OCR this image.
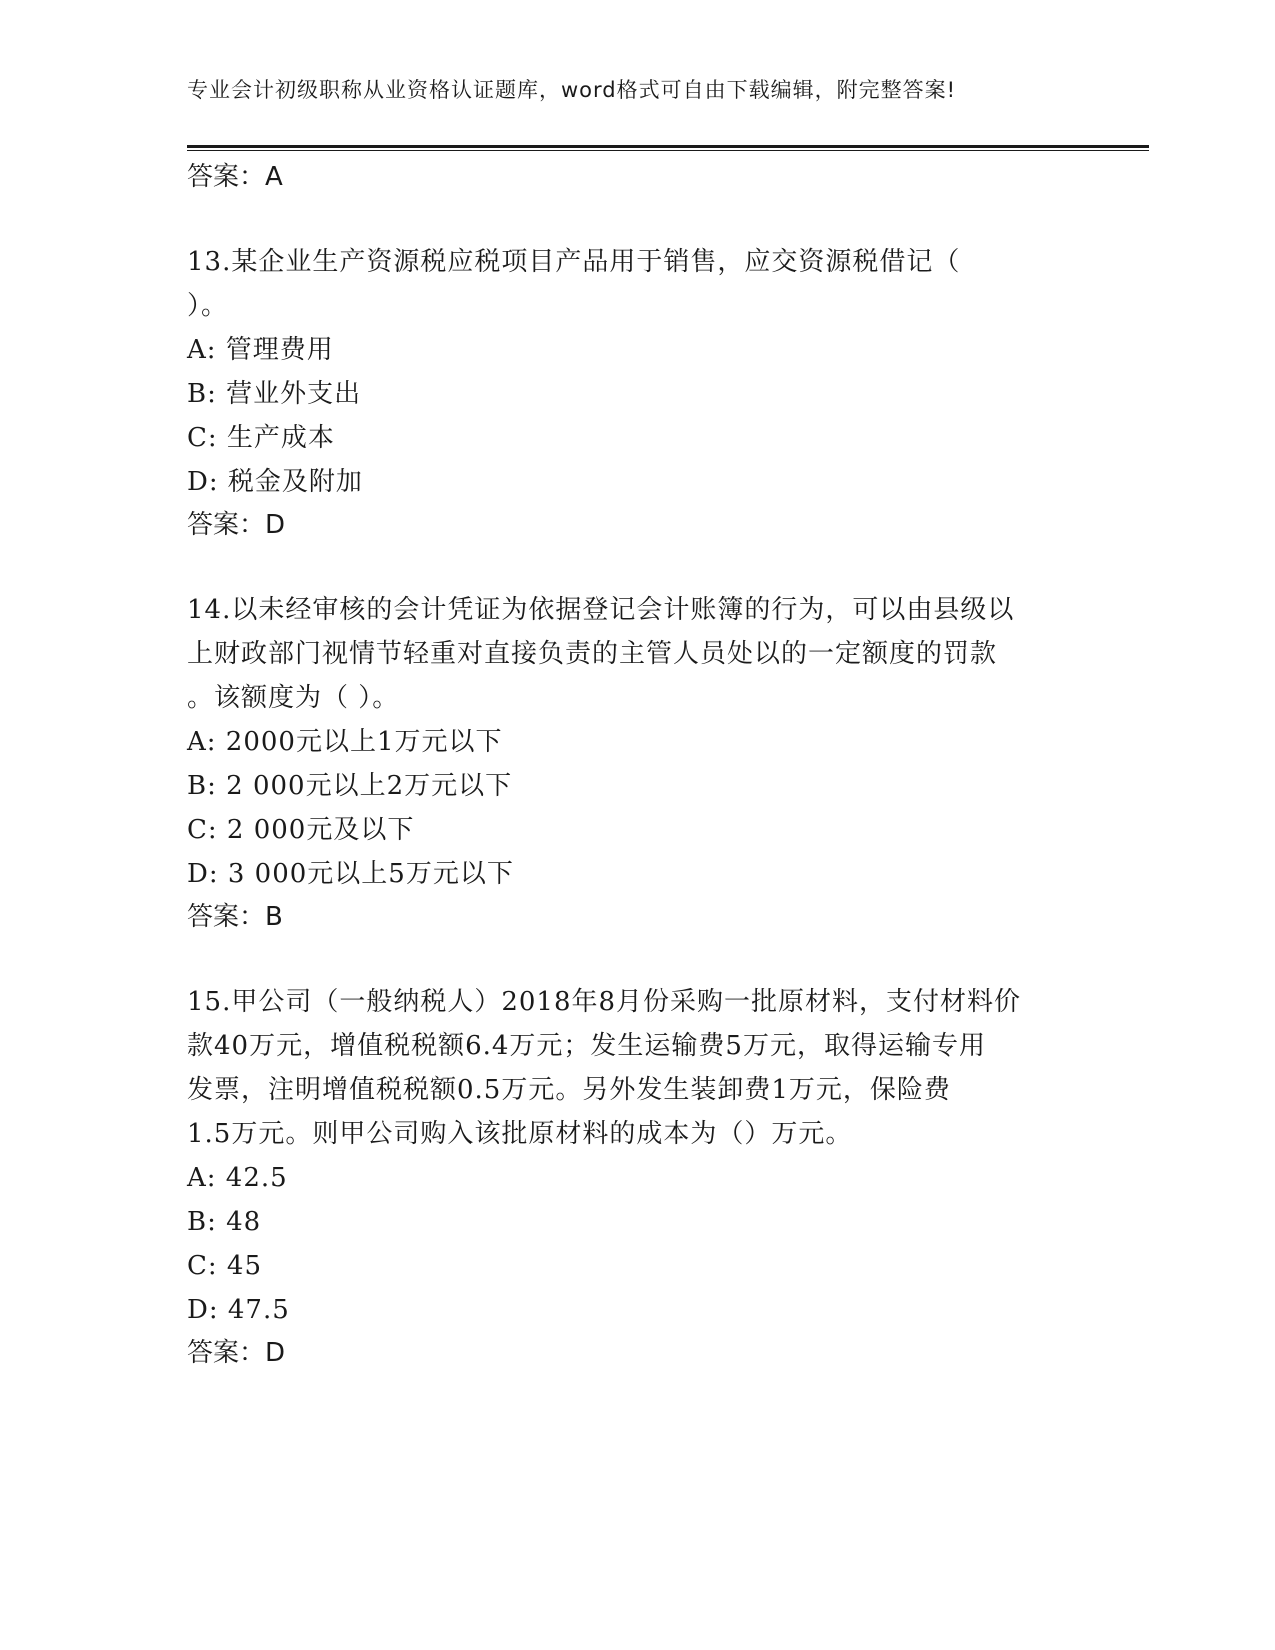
专业会计初级职称从业资格认证题库，word格式可自由下载编辑，附完整答案!
答案：A
13.某企业生产资源税应税项目产品用于销售，应交资源税借记（
）。
A: 管理费用
B: 营业外支出
C: 生产成本
D: 税金及附加
答案：D
14.以未经审核的会计凭证为依据登记会计账簿的行为，可以由县级以
上财政部门视情节轻重对直接负责的主管人员处以的一定额度的罚款
。该额度为（ ）。
A: 2000元以上1万元以下
B: 2 000元以上2万元以下
C: 2 000元及以下
D: 3 000元以上5万元以下
答案：B
15.甲公司（一般纳税人）2018年8月份采购一批原材料，支付材料价
款40万元，增值税税额6.4万元；发生运输费5万元，取得运输专用
发票，注明增值税税额0.5万元。另外发生装卸费1万元，保险费
1.5万元。则甲公司购入该批原材料的成本为（）万元。
A: 42.5
B: 48
C: 45
D: 47.5
答案：D
